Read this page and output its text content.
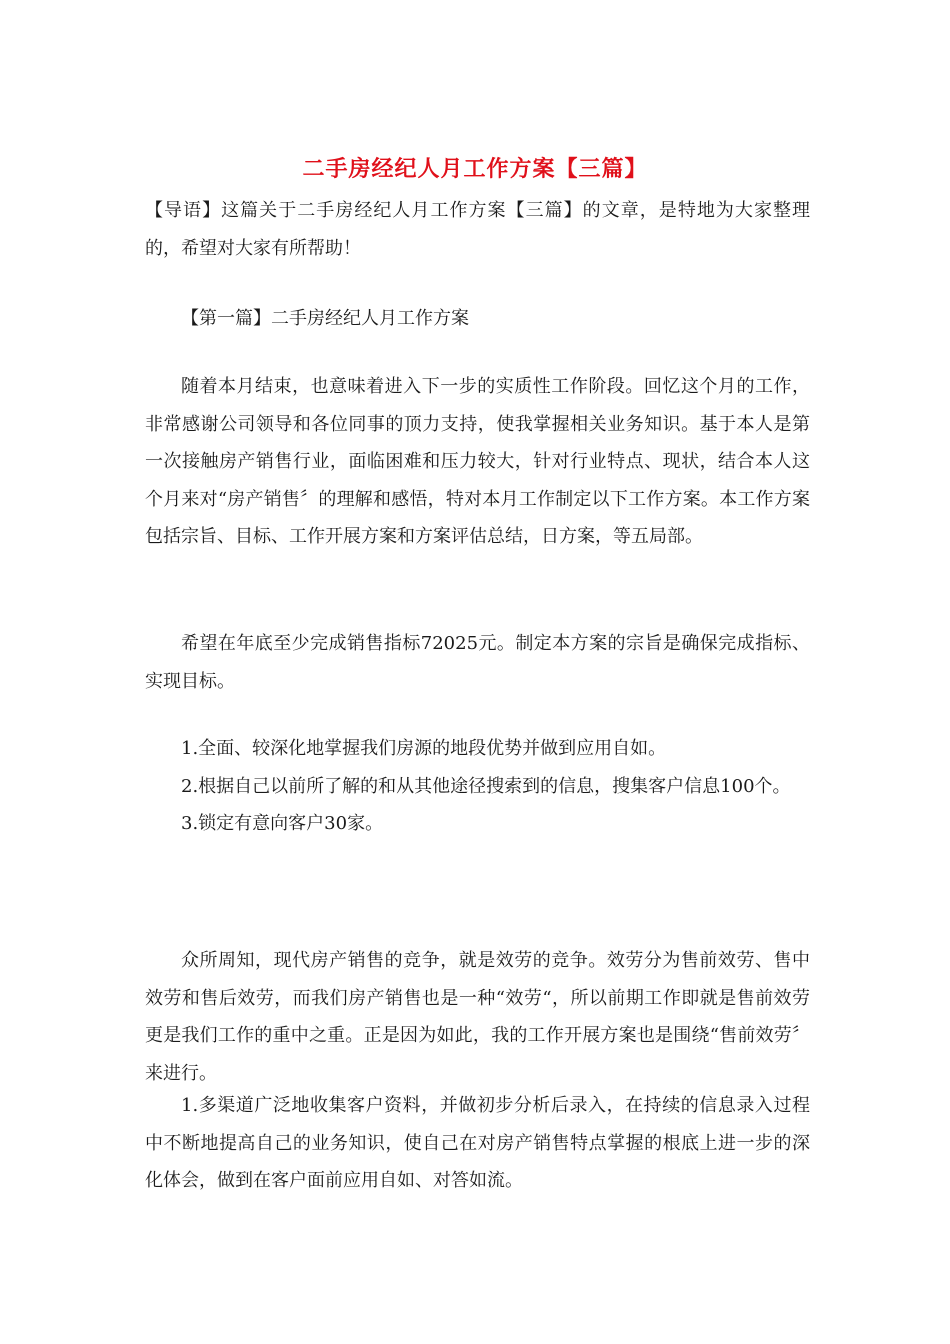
二手房经纪人月工作方案【三篇】

【导语】这篇关于二手房经纪人月工作方案【三篇】的文章，是特地为大家整理的，希望对大家有所帮助！

【第一篇】二手房经纪人月工作方案

随着本月结束，也意味着进入下一步的实质性工作阶段。回忆这个月的工作，非常感谢公司领导和各位同事的顶力支持，使我掌握相关业务知识。基于本人是第一次接触房产销售行业，面临困难和压力较大，针对行业特点、现状，结合本人这个月来对“房产销售〞的理解和感悟，特对本月工作制定以下工作方案。本工作方案包括宗旨、目标、工作开展方案和方案评估总结，日方案，等五局部。

希望在年底至少完成销售指标72025元。制定本方案的宗旨是确保完成指标、实现目标。

1.全面、较深化地掌握我们房源的地段优势并做到应用自如。

2.根据自己以前所了解的和从其他途径搜索到的信息，搜集客户信息100个。

3.锁定有意向客户30家。

众所周知，现代房产销售的竞争，就是效劳的竞争。效劳分为售前效劳、售中效劳和售后效劳，而我们房产销售也是一种“效劳“，所以前期工作即就是售前效劳更是我们工作的重中之重。正是因为如此，我的工作开展方案也是围绕“售前效劳〞来进行。

1.多渠道广泛地收集客户资料，并做初步分析后录入，在持续的信息录入过程中不断地提高自己的业务知识，使自己在对房产销售特点掌握的根底上进一步的深化体会，做到在客户面前应用自如、对答如流。
